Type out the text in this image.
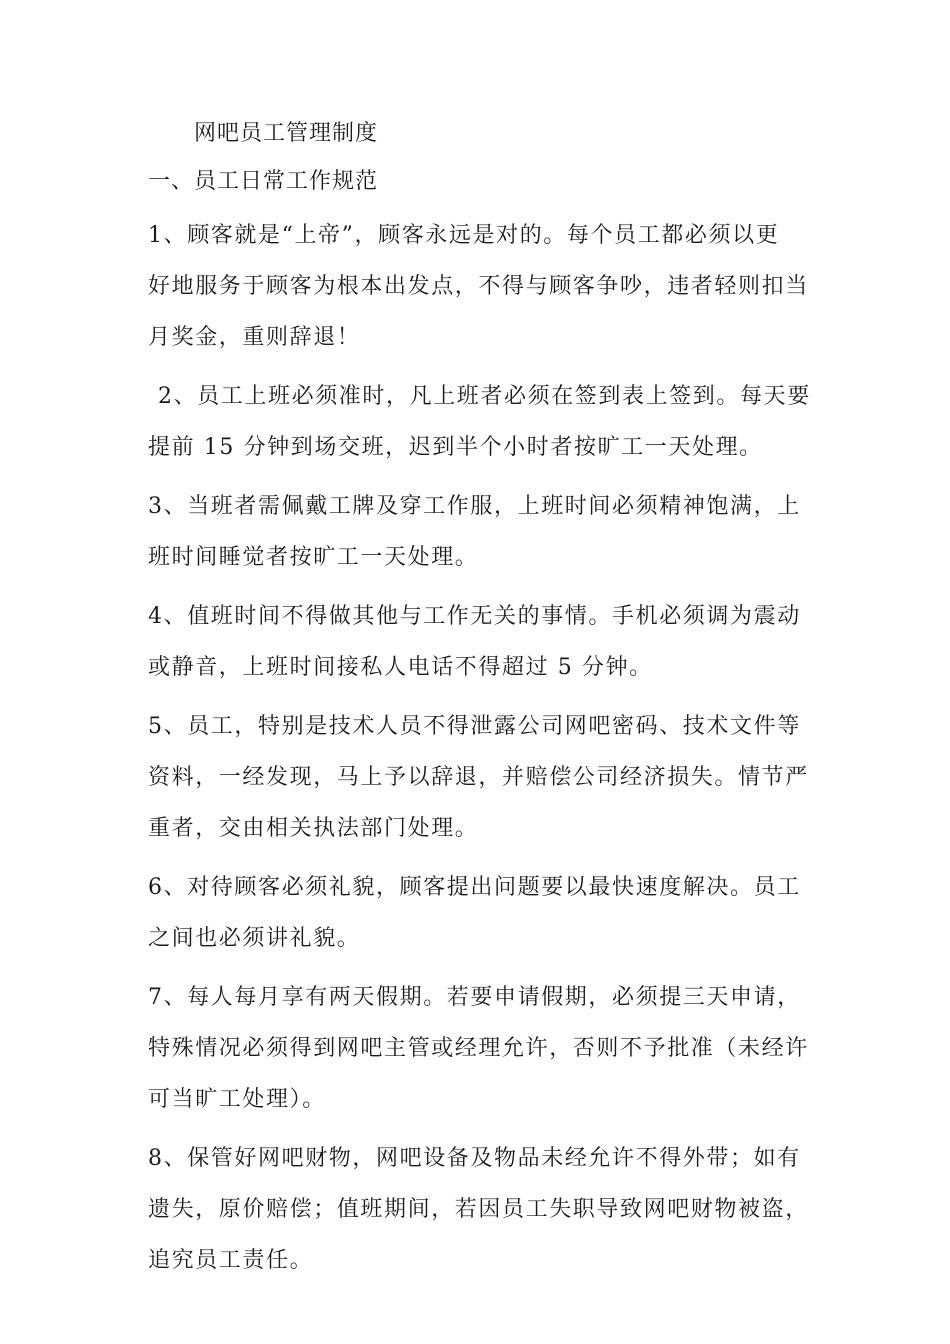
网吧员工管理制度
一、员工日常工作规范
1、顾客就是“上帝”，顾客永远是对的。每个员工都必须以更
好地服务于顾客为根本出发点，不得与顾客争吵，违者轻则扣当
月奖金，重则辞退！
2、员工上班必须准时，凡上班者必须在签到表上签到。每天要
提前 15 分钟到场交班，迟到半个小时者按旷工一天处理。
3、当班者需佩戴工牌及穿工作服，上班时间必须精神饱满，上
班时间睡觉者按旷工一天处理。
4、值班时间不得做其他与工作无关的事情。手机必须调为震动
或静音，上班时间接私人电话不得超过 5 分钟。
5、员工，特别是技术人员不得泄露公司网吧密码、技术文件等
资料，一经发现，马上予以辞退，并赔偿公司经济损失。情节严
重者，交由相关执法部门处理。
6、对待顾客必须礼貌，顾客提出问题要以最快速度解决。员工
之间也必须讲礼貌。
7、每人每月享有两天假期。若要申请假期，必须提三天申请，
特殊情况必须得到网吧主管或经理允许，否则不予批准（未经许
可当旷工处理）。
8、保管好网吧财物，网吧设备及物品未经允许不得外带；如有
遗失，原价赔偿；值班期间，若因员工失职导致网吧财物被盗，
追究员工责任。
